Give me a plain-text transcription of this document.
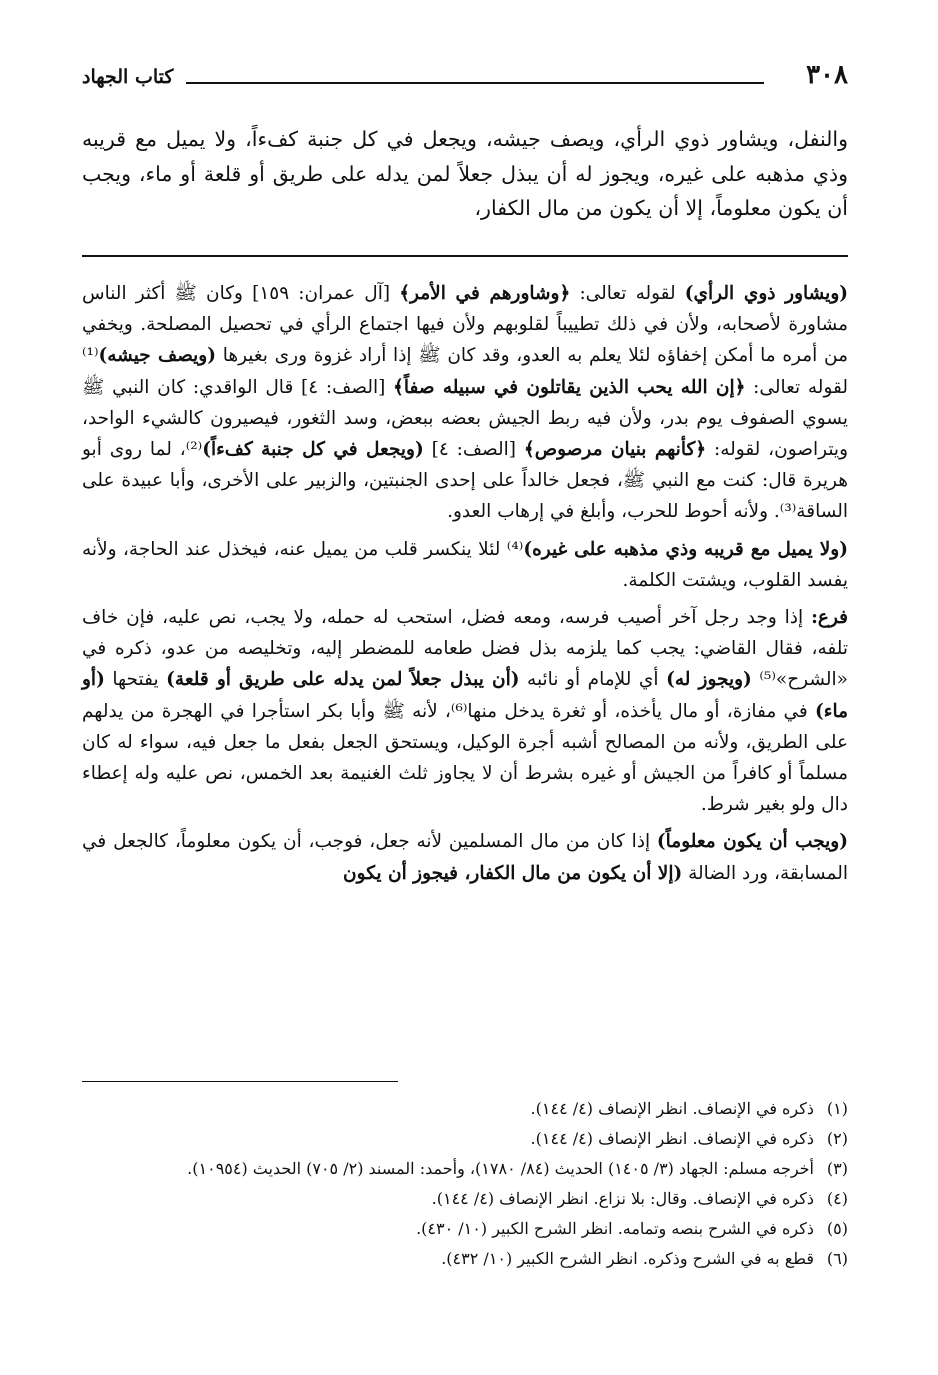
٣٠٨
كتاب الجهاد
والنفل، ويشاور ذوي الرأي، ويصف جيشه، ويجعل في كل جنبة كفءاً، ولا يميل مع قريبه وذي مذهبه على غيره، ويجوز له أن يبذل جعلاً لمن يدله على طريق أو قلعة أو ماء، ويجب أن يكون معلوماً، إلا أن يكون من مال الكفار،

(ويشاور ذوي الرأي) لقوله تعالى: ﴿وشاورهم في الأمر﴾ [آل عمران: ١٥٩] وكان ﷺ أكثر الناس مشاورة لأصحابه، ولأن في ذلك تطييباً لقلوبهم ولأن فيها اجتماع الرأي في تحصيل المصلحة. ويخفي من أمره ما أمكن إخفاؤه لئلا يعلم به العدو، وقد كان ﷺ إذا أراد غزوة ورى بغيرها (ويصف جيشه)⁽¹⁾ لقوله تعالى: ﴿إن الله يحب الذين يقاتلون في سبيله صفاً﴾ [الصف: ٤] قال الواقدي: كان النبي ﷺ يسوي الصفوف يوم بدر، ولأن فيه ربط الجيش بعضه ببعض، وسد الثغور، فيصيرون كالشيء الواحد، ويتراصون، لقوله: ﴿كأنهم بنيان مرصوص﴾ [الصف: ٤] (ويجعل في كل جنبة كفءاً)⁽²⁾، لما روى أبو هريرة قال: كنت مع النبي ﷺ، فجعل خالداً على إحدى الجنبتين، والزبير على الأخرى، وأبا عبيدة على الساقة⁽³⁾. ولأنه أحوط للحرب، وأبلغ في إرهاب العدو.

(ولا يميل مع قريبه وذي مذهبه على غيره)⁽⁴⁾ لئلا ينكسر قلب من يميل عنه، فيخذل عند الحاجة، ولأنه يفسد القلوب، ويشتت الكلمة.

فرع: إذا وجد رجل آخر أصيب فرسه، ومعه فضل، استحب له حمله، ولا يجب، نص عليه، فإن خاف تلفه، فقال القاضي: يجب كما يلزمه بذل فضل طعامه للمضطر إليه، وتخليصه من عدو، ذكره في «الشرح»⁽⁵⁾ (ويجوز له) أي للإمام أو نائبه (أن يبذل جعلاً لمن يدله على طريق أو قلعة) يفتحها (أو ماء) في مفازة، أو مال يأخذه، أو ثغرة يدخل منها⁽⁶⁾، لأنه ﷺ وأبا بكر استأجرا في الهجرة من يدلهم على الطريق، ولأنه من المصالح أشبه أجرة الوكيل، ويستحق الجعل بفعل ما جعل فيه، سواء له كان مسلماً أو كافراً من الجيش أو غيره بشرط أن لا يجاوز ثلث الغنيمة بعد الخمس، نص عليه وله إعطاء دال ولو بغير شرط.

(ويجب أن يكون معلوماً) إذا كان من مال المسلمين لأنه جعل، فوجب، أن يكون معلوماً، كالجعل في المسابقة، ورد الضالة (إلا أن يكون من مال الكفار، فيجوز أن يكون

(١)
ذكره في الإنصاف. انظر الإنصاف (٤/ ١٤٤).
(٢)
ذكره في الإنصاف. انظر الإنصاف (٤/ ١٤٤).
(٣)
أخرجه مسلم: الجهاد (٣/ ١٤٠٥) الحديث (٨٤/ ١٧٨٠)، وأحمد: المسند (٢/ ٧٠٥) الحديث (١٠٩٥٤).
(٤)
ذكره في الإنصاف. وقال: بلا نزاع. انظر الإنصاف (٤/ ١٤٤).
(٥)
ذكره في الشرح بنصه وتمامه. انظر الشرح الكبير (١٠/ ٤٣٠).
(٦)
قطع به في الشرح وذكره. انظر الشرح الكبير (١٠/ ٤٣٢).
